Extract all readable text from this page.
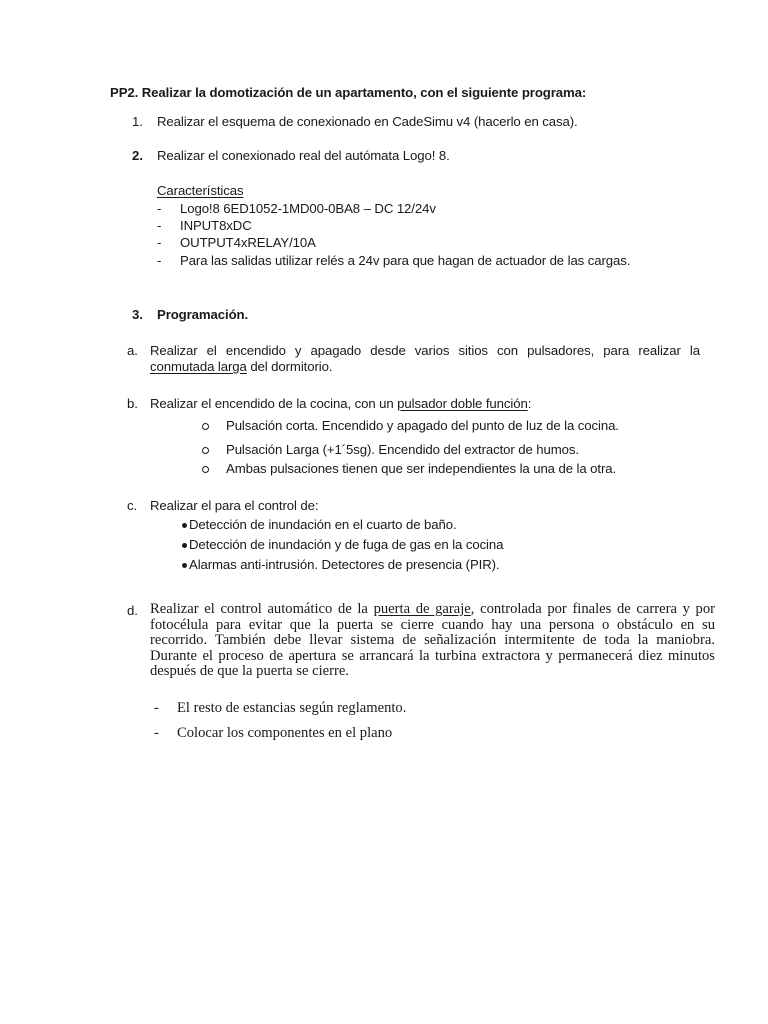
PP2. Realizar la domotización de un apartamento, con el siguiente programa:
1. Realizar el esquema de conexionado en CadeSimu v4 (hacerlo en casa).
2. Realizar el conexionado real del autómata Logo! 8.
Características
- Logo!8 6ED1052-1MD00-0BA8 – DC 12/24v
- INPUT8xDC
- OUTPUT4xRELAY/10A
- Para las salidas utilizar relés a 24v para que hagan de actuador de las cargas.
3. Programación.
a. Realizar el encendido y apagado desde varios sitios con pulsadores, para realizar la
conmutada larga del dormitorio.
b. Realizar el encendido de la cocina, con un pulsador doble función:
Pulsación corta. Encendido y apagado del punto de luz de la cocina.
Pulsación Larga (+1´5sg). Encendido del extractor de humos.
Ambas pulsaciones tienen que ser independientes la una de la otra.
c. Realizar el para el control de:
Detección de inundación en el cuarto de baño.
Detección de inundación y de fuga de gas en la cocina
Alarmas anti-intrusión. Detectores de presencia (PIR).
d. Realizar el control automático de la puerta de garaje, controlada por finales de carrera y por fotocélula para evitar que la puerta se cierre cuando hay una persona o obstáculo en su recorrido. También debe llevar sistema de señalización intermitente de toda la maniobra. Durante el proceso de apertura se arrancará la turbina extractora y permanecerá diez minutos después de que la puerta se cierre.
- El resto de estancias según reglamento.
- Colocar los componentes en el plano
